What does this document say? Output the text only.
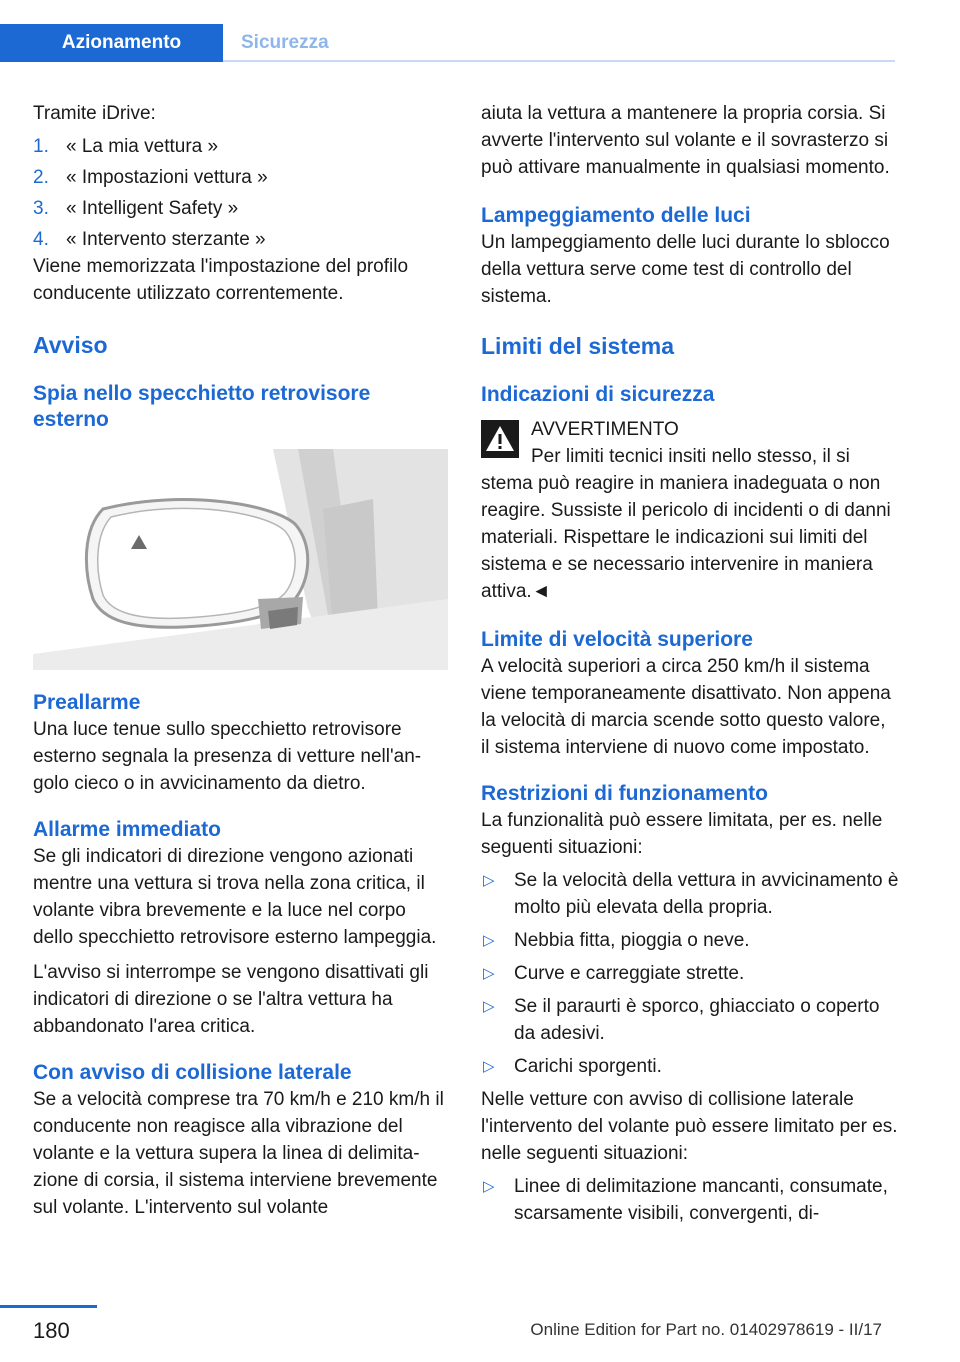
Azionamento	Sicurezza

Tramite iDrive:

1. « La mia vettura »
2. « Impostazioni vettura »
3. « Intelligent Safety »
4. « Intervento sterzante »

Viene memorizzata l'impostazione del profilo conducente utilizzato correntemente.

Avviso
Spia nello specchietto retrovisore esterno
Preallarme

Una luce tenue sullo specchietto retrovisore esterno segnala la presenza di vetture nell'angolo cieco o in avvicinamento da dietro.

Allarme immediato

Se gli indicatori di direzione vengono azionati mentre una vettura si trova nella zona critica, il volante vibra brevemente e la luce nel corpo dello specchietto retrovisore esterno lampeggia.

L'avviso si interrompe se vengono disattivati gli indicatori di direzione o se l'altra vettura ha abbandonato l'area critica.

Con avviso di collisione laterale

Se a velocità comprese tra 70 km/h e 210 km/h il conducente non reagisce alla vibrazione del volante e la vettura supera la linea di delimitazione di corsia, il sistema interviene brevemente sul volante. L'intervento sul volante

aiuta la vettura a mantenere la propria corsia. Si avverte l'intervento sul volante e il sovrasterzo si può attivare manualmente in qualsiasi momento.

Lampeggiamento delle luci

Un lampeggiamento delle luci durante lo sblocco della vettura serve come test di controllo del sistema.

Limiti del sistema
Indicazioni di sicurezza

AVVERTIMENTO

Per limiti tecnici insiti nello stesso, il si

stema può reagire in maniera inadeguata o non reagire. Sussiste il pericolo di incidenti o di danni materiali. Rispettare le indicazioni sui limiti del sistema e se necessario intervenire in maniera attiva.◄

Limite di velocità superiore

A velocità superiori a circa 250 km/h il sistema viene temporaneamente disattivato. Non appena la velocità di marcia scende sotto questo valore, il sistema interviene di nuovo come impostato.

Restrizioni di funzionamento

La funzionalità può essere limitata, per es. nelle seguenti situazioni:

▷ Se la velocità della vettura in avvicinamento è molto più elevata della propria.
▷ Nebbia fitta, pioggia o neve.
▷ Curve e carreggiate strette.
▷ Se il paraurti è sporco, ghiacciato o coperto da adesivi.
▷ Carichi sporgenti.

Nelle vetture con avviso di collisione laterale l'intervento del volante può essere limitato per es. nelle seguenti situazioni:

▷ Linee di delimitazione mancanti, consumate, scarsamente visibili, convergenti, di-
180	Online Edition for Part no. 01402978619 - II/17
